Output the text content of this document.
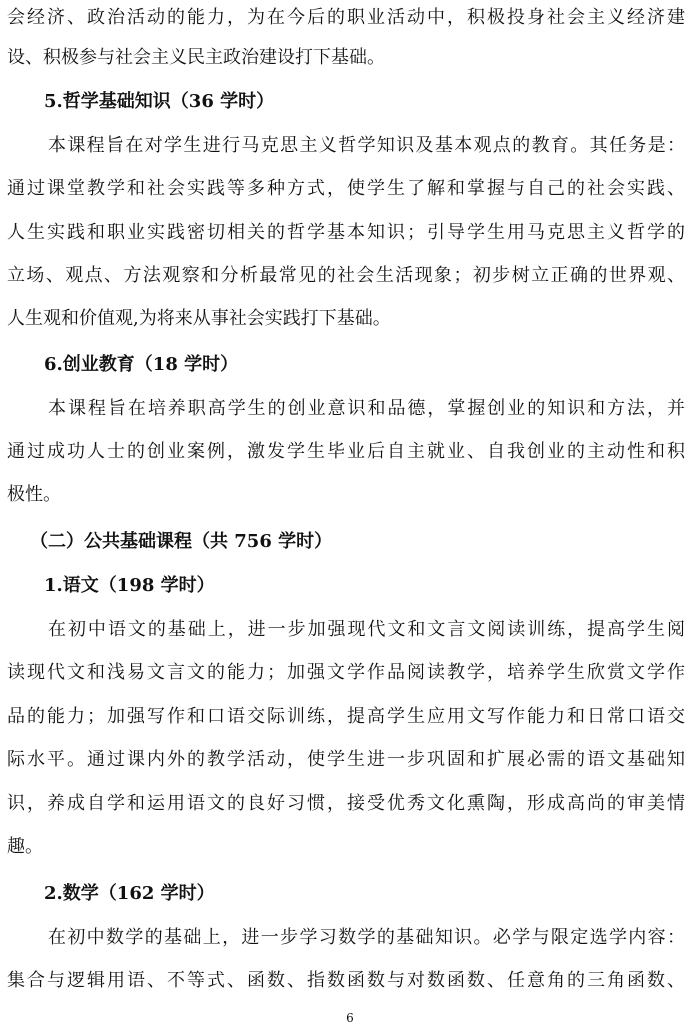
会经济、政治活动的能力，为在今后的职业活动中，积极投身社会主义经济建
设、积极参与社会主义民主政治建设打下基础。
5.哲学基础知识（36 学时）
本课程旨在对学生进行马克思主义哲学知识及基本观点的教育。其任务是：
通过课堂教学和社会实践等多种方式，使学生了解和掌握与自己的社会实践、
人生实践和职业实践密切相关的哲学基本知识；引导学生用马克思主义哲学的
立场、观点、方法观察和分析最常见的社会生活现象；初步树立正确的世界观、
人生观和价值观,为将来从事社会实践打下基础。
6.创业教育（18 学时）
本课程旨在培养职高学生的创业意识和品德，掌握创业的知识和方法，并
通过成功人士的创业案例，激发学生毕业后自主就业、自我创业的主动性和积
极性。
（二）公共基础课程（共 756 学时）
1.语文（198 学时）
在初中语文的基础上，进一步加强现代文和文言文阅读训练，提高学生阅
读现代文和浅易文言文的能力；加强文学作品阅读教学，培养学生欣赏文学作
品的能力；加强写作和口语交际训练，提高学生应用文写作能力和日常口语交
际水平。通过课内外的教学活动，使学生进一步巩固和扩展必需的语文基础知
识，养成自学和运用语文的良好习惯，接受优秀文化熏陶，形成高尚的审美情
趣。
2.数学（162 学时）
在初中数学的基础上，进一步学习数学的基础知识。必学与限定选学内容：
集合与逻辑用语、不等式、函数、指数函数与对数函数、任意角的三角函数、
6
